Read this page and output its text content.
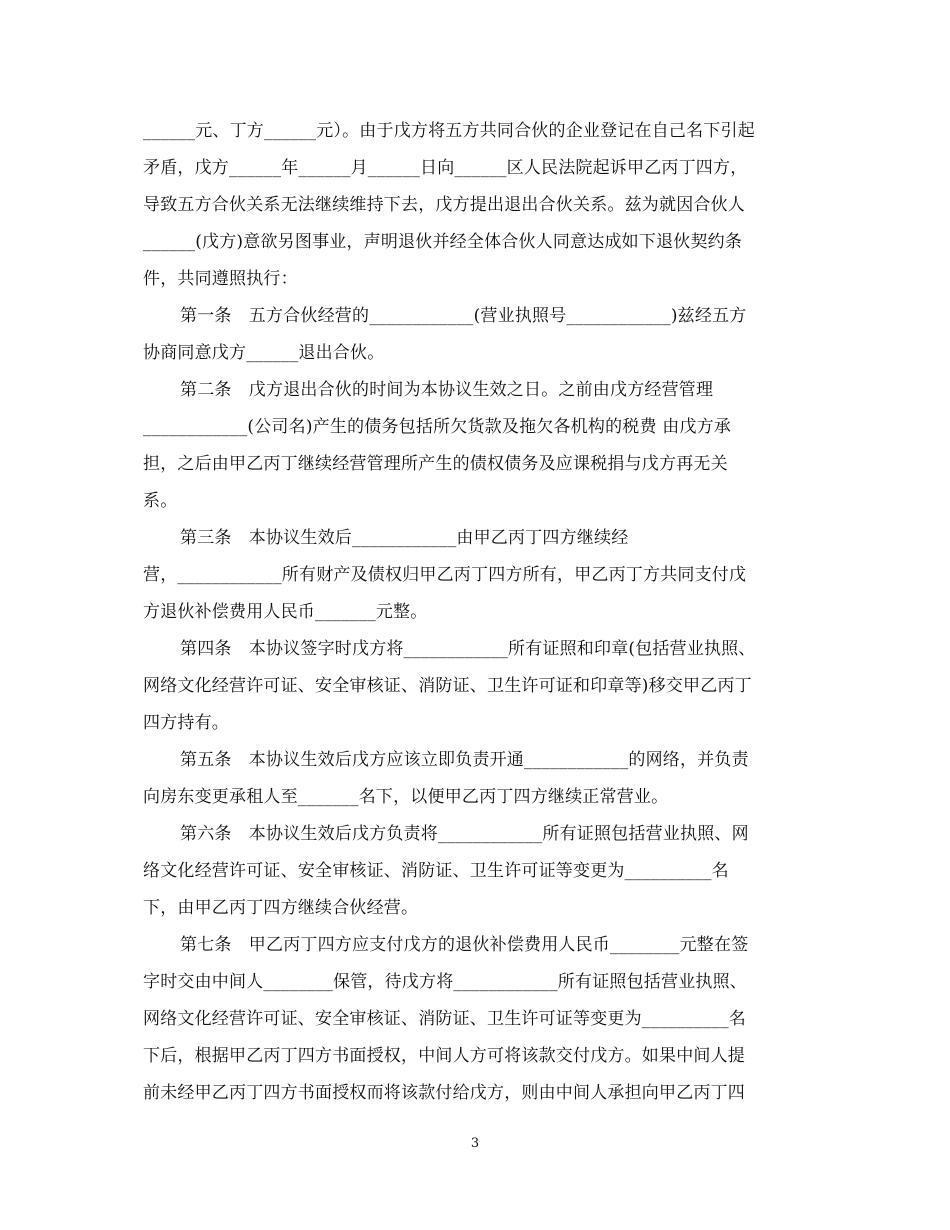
______元、丁方______元）。由于戊方将五方共同合伙的企业登记在自己名下引起
矛盾，戊方______年______月______日向______区人民法院起诉甲乙丙丁四方，
导致五方合伙关系无法继续维持下去，戊方提出退出合伙关系。兹为就因合伙人
______(戊方)意欲另图事业，声明退伙并经全体合伙人同意达成如下退伙契约条
件，共同遵照执行：
第一条　五方合伙经营的____________(营业执照号____________)兹经五方
协商同意戊方______退出合伙。
第二条　戊方退出合伙的时间为本协议生效之日。之前由戊方经营管理
____________(公司名)产生的债务包括所欠货款及拖欠各机构的税费 由戊方承
担，之后由甲乙丙丁继续经营管理所产生的债权债务及应课税捐与戊方再无关
系。
第三条　本协议生效后____________由甲乙丙丁四方继续经
营，____________所有财产及债权归甲乙丙丁四方所有，甲乙丙丁方共同支付戊
方退伙补偿费用人民币_______元整。
第四条　本协议签字时戊方将____________所有证照和印章(包括营业执照、
网络文化经营许可证、安全审核证、消防证、卫生许可证和印章等)移交甲乙丙丁
四方持有。
第五条　本协议生效后戊方应该立即负责开通____________的网络，并负责
向房东变更承租人至_______名下，以便甲乙丙丁四方继续正常营业。
第六条　本协议生效后戊方负责将____________所有证照包括营业执照、网
络文化经营许可证、安全审核证、消防证、卫生许可证等变更为__________名
下，由甲乙丙丁四方继续合伙经营。
第七条　甲乙丙丁四方应支付戊方的退伙补偿费用人民币________元整在签
字时交由中间人________保管，待戊方将____________所有证照包括营业执照、
网络文化经营许可证、安全审核证、消防证、卫生许可证等变更为__________名
下后，根据甲乙丙丁四方书面授权，中间人方可将该款交付戊方。如果中间人提
前未经甲乙丙丁四方书面授权而将该款付给戊方，则由中间人承担向甲乙丙丁四
3
